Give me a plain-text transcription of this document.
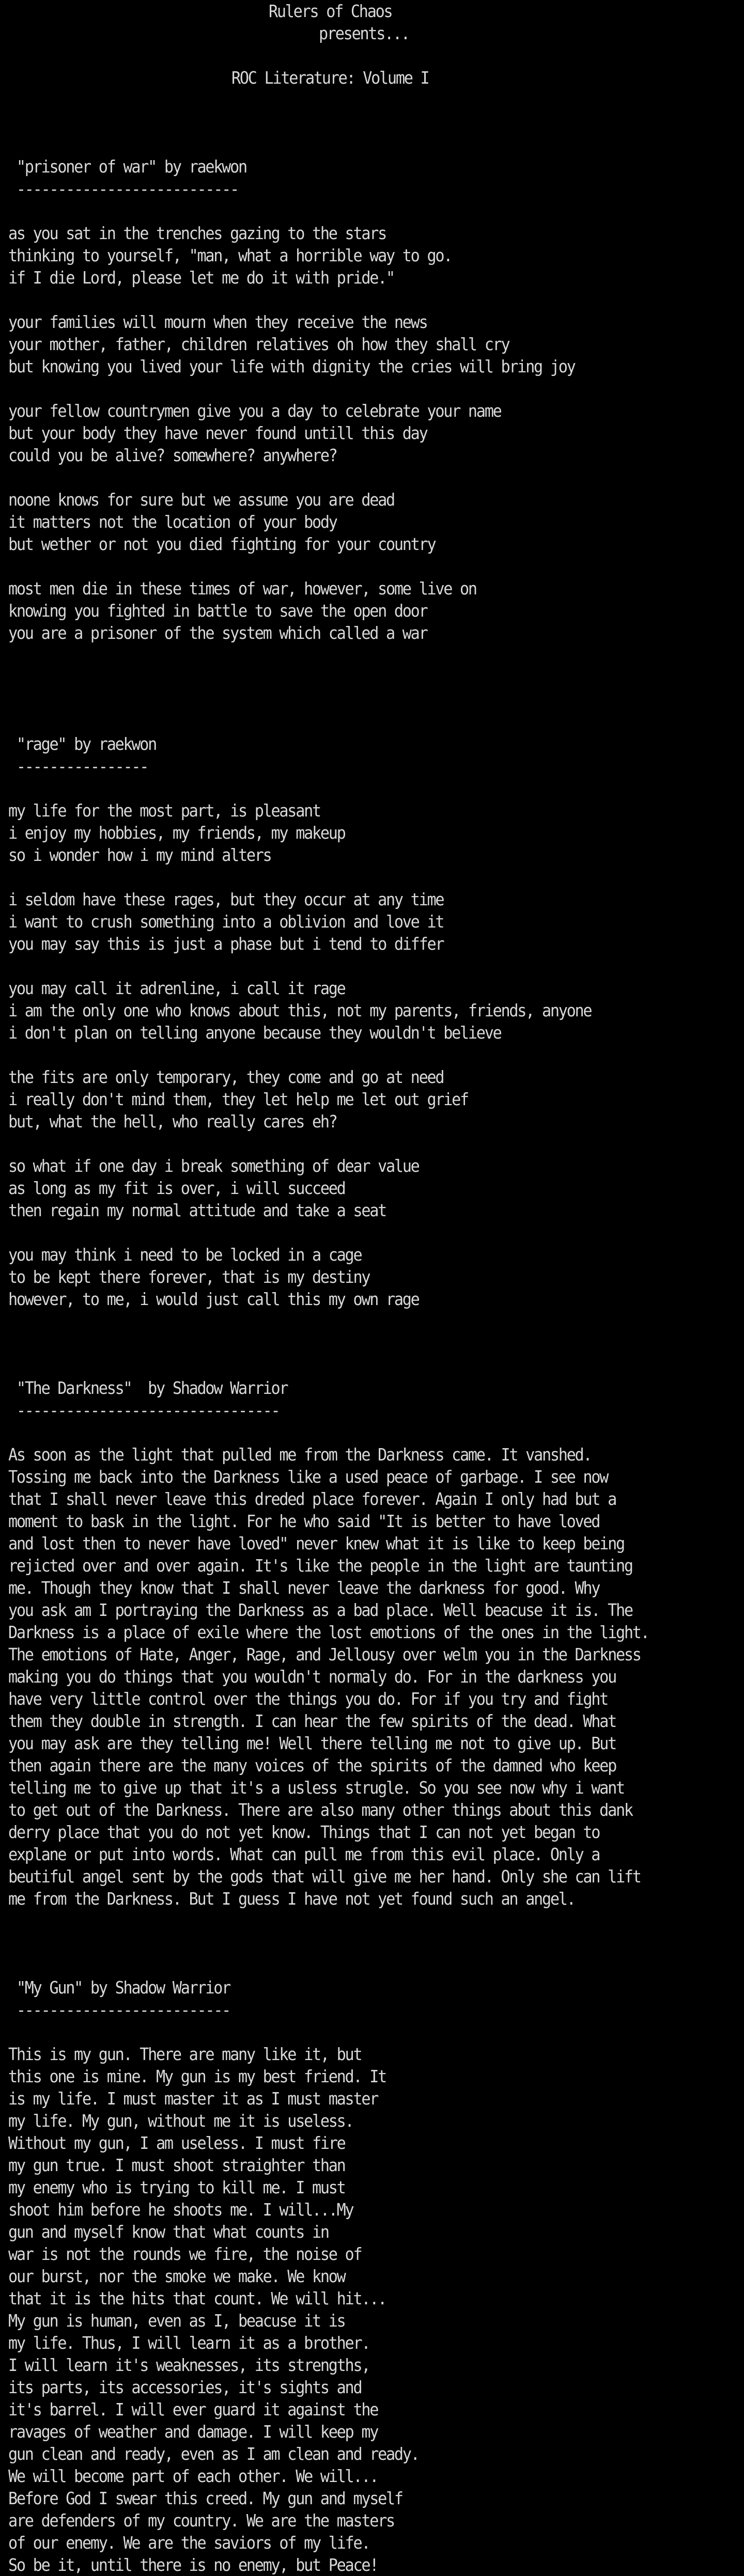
Rulers of Chaos
presents...
ROC Literature: Volume I
"prisoner of war" by raekwon
---------------------------
as you sat in the trenches gazing to the stars
thinking to yourself, "man, what a horrible way to go.
if I die Lord, please let me do it with pride."
your families will mourn when they receive the news
your mother, father, children relatives oh how they shall cry
but knowing you lived your life with dignity the cries will bring joy
your fellow countrymen give you a day to celebrate your name
but your body they have never found untill this day
could you be alive? somewhere? anywhere?
noone knows for sure but we assume you are dead
it matters not the location of your body
but wether or not you died fighting for your country
most men die in these times of war, however, some live on
knowing you fighted in battle to save the open door
you are a prisoner of the system which called a war
"rage" by raekwon
----------------
my life for the most part, is pleasant
i enjoy my hobbies, my friends, my makeup
so i wonder how i my mind alters
i seldom have these rages, but they occur at any time
i want to crush something into a oblivion and love it
you may say this is just a phase but i tend to differ
you may call it adrenline, i call it rage
i am the only one who knows about this, not my parents, friends, anyone
i don't plan on telling anyone because they wouldn't believe
the fits are only temporary, they come and go at need
i really don't mind them, they let help me let out grief
but, what the hell, who really cares eh?
so what if one day i break something of dear value
as long as my fit is over, i will succeed
then regain my normal attitude and take a seat
you may think i need to be locked in a cage
to be kept there forever, that is my destiny
however, to me, i would just call this my own rage
"The Darkness"  by Shadow Warrior
--------------------------------
As soon as the light that pulled me from the Darkness came. It vanshed.
Tossing me back into the Darkness like a used peace of garbage. I see now
that I shall never leave this dreded place forever. Again I only had but a
moment to bask in the light. For he who said "It is better to have loved
and lost then to never have loved" never knew what it is like to keep being
rejicted over and over again. It's like the people in the light are taunting
me. Though they know that I shall never leave the darkness for good. Why
you ask am I portraying the Darkness as a bad place. Well beacuse it is. The
Darkness is a place of exile where the lost emotions of the ones in the light.
The emotions of Hate, Anger, Rage, and Jellousy over welm you in the Darkness
making you do things that you wouldn't normaly do. For in the darkness you
have very little control over the things you do. For if you try and fight
them they double in strength. I can hear the few spirits of the dead. What
you may ask are they telling me! Well there telling me not to give up. But
then again there are the many voices of the spirits of the damned who keep
telling me to give up that it's a usless strugle. So you see now why i want
to get out of the Darkness. There are also many other things about this dank
derry place that you do not yet know. Things that I can not yet began to
explane or put into words. What can pull me from this evil place. Only a
beutiful angel sent by the gods that will give me her hand. Only she can lift
me from the Darkness. But I guess I have not yet found such an angel.
"My Gun" by Shadow Warrior
--------------------------
This is my gun. There are many like it, but
this one is mine. My gun is my best friend. It
is my life. I must master it as I must master
my life. My gun, without me it is useless.
Without my gun, I am useless. I must fire
my gun true. I must shoot straighter than
my enemy who is trying to kill me. I must
shoot him before he shoots me. I will...My
gun and myself know that what counts in
war is not the rounds we fire, the noise of
our burst, nor the smoke we make. We know
that it is the hits that count. We will hit...
My gun is human, even as I, beacuse it is
my life. Thus, I will learn it as a brother.
I will learn it's weaknesses, its strengths,
its parts, its accessories, it's sights and
it's barrel. I will ever guard it against the
ravages of weather and damage. I will keep my
gun clean and ready, even as I am clean and ready.
We will become part of each other. We will...
Before God I swear this creed. My gun and myself
are defenders of my country. We are the masters
of our enemy. We are the saviors of my life.
So be it, until there is no enemy, but Peace!
